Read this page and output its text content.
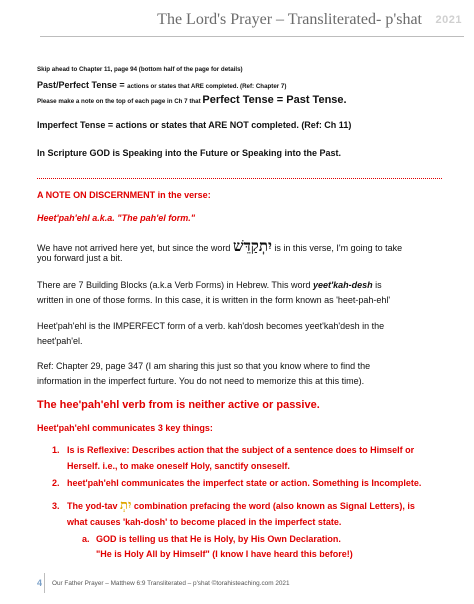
The Lord's Prayer – Transliterated- p'shat 2021
Skip ahead to Chapter 11, page 94 (bottom half of the page for details)
Past/Perfect Tense = actions or states that ARE completed. (Ref: Chapter 7)
Please make a note on the top of each page in Ch 7 that Perfect Tense = Past Tense.
Imperfect Tense = actions or states that ARE NOT completed. (Ref: Ch 11)
In Scripture GOD is Speaking into the Future or Speaking into the Past.
A NOTE ON DISCERNMENT in the verse:
Heet'pah'ehl a.k.a. "The pah'el form."
We have not arrived here yet, but since the word יִתְקַדֵּשׁ is in this verse, I'm going to take
you forward just a bit.
There are 7 Building Blocks (a.k.a Verb Forms) in Hebrew. This word yeet'kah-desh is
written in one of those forms. In this case, it is written in the form known as 'heet-pah-ehl'
Heet'pah'ehl is the IMPERFECT form of a verb. kah'dosh becomes yeet'kah'desh in the
heet'pah'el.
Ref: Chapter 29, page 347 (I am sharing this just so that you know where to find the
information in the imperfect furture. You do not need to memorize this at this time).
The hee'pah'ehl verb from is neither active or passive.
Heet'pah'ehl communicates 3 key things:
1. Is is Reflexive: Describes action that the subject of a sentence does to Himself or
Herself. i.e., to make oneself Holy, sanctify onseself.
2. heet'pah'ehl communicates the imperfect state or action. Something is Incomplete.
3. The yod-tav יִתְ combination prefacing the word (also known as Signal Letters), is
what causes 'kah-dosh' to become placed in the imperfect state.
a. GOD is telling us that He is Holy, by His Own Declaration.
"He is Holy All by Himself" (I know I have heard this before!)
4 Our Father Prayer – Matthew 6:9 Transliterated – p'shat ©torahisteaching.com 2021
